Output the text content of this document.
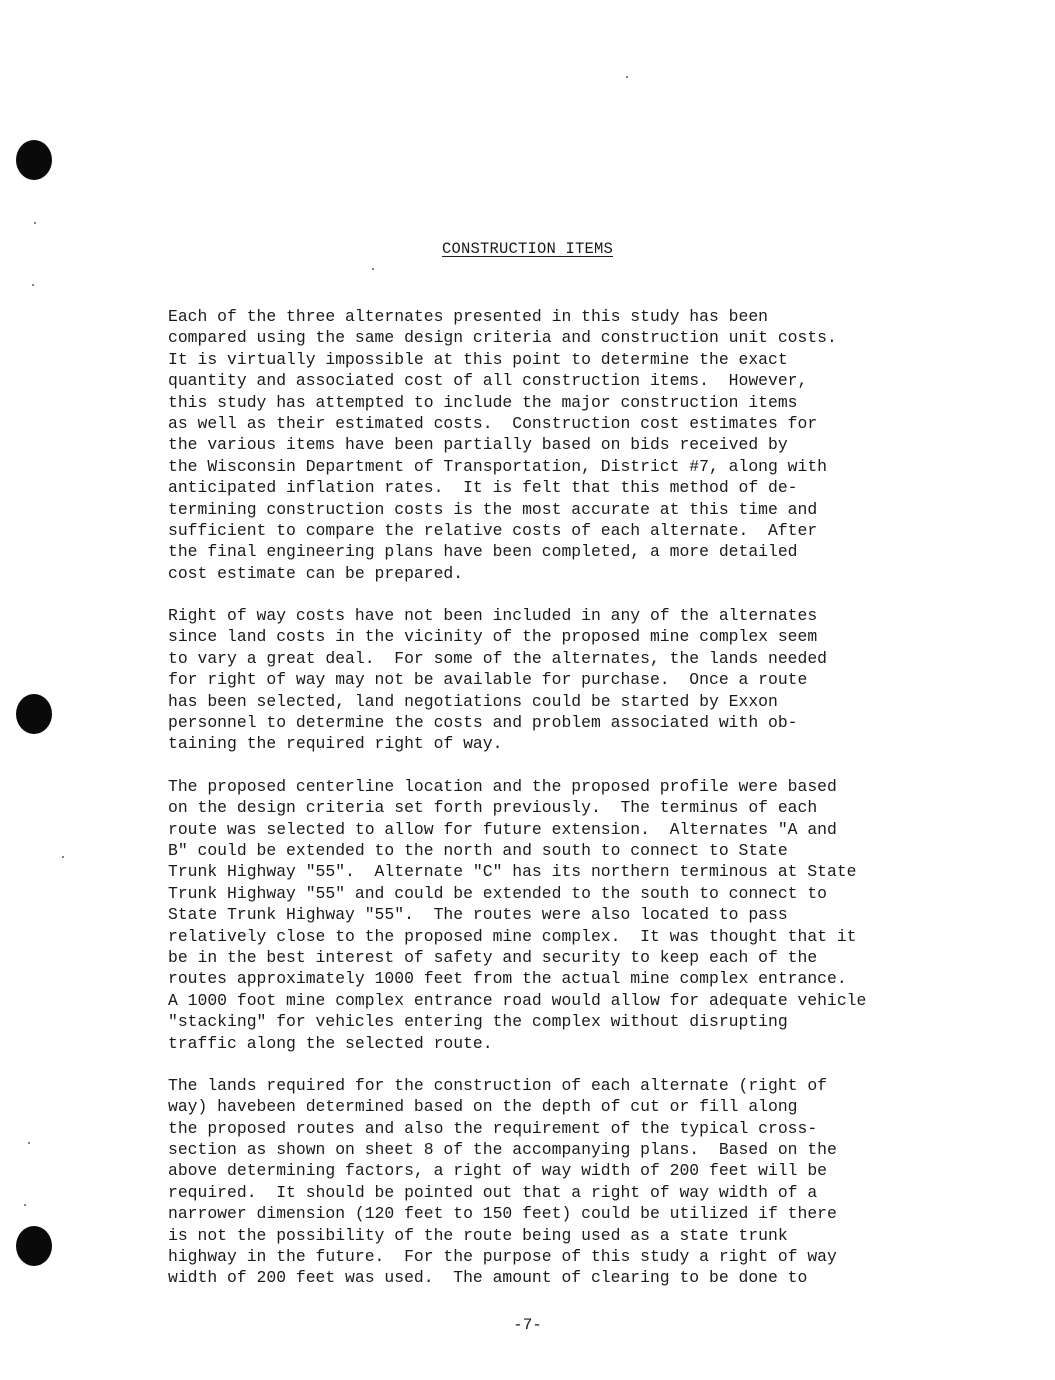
CONSTRUCTION ITEMS
Each of the three alternates presented in this study has been
compared using the same design criteria and construction unit costs.
It is virtually impossible at this point to determine the exact
quantity and associated cost of all construction items.  However,
this study has attempted to include the major construction items
as well as their estimated costs.  Construction cost estimates for
the various items have been partially based on bids received by
the Wisconsin Department of Transportation, District #7, along with
anticipated inflation rates.  It is felt that this method of de-
termining construction costs is the most accurate at this time and
sufficient to compare the relative costs of each alternate.  After
the final engineering plans have been completed, a more detailed
cost estimate can be prepared.
Right of way costs have not been included in any of the alternates
since land costs in the vicinity of the proposed mine complex seem
to vary a great deal.  For some of the alternates, the lands needed
for right of way may not be available for purchase.  Once a route
has been selected, land negotiations could be started by Exxon
personnel to determine the costs and problem associated with ob-
taining the required right of way.
The proposed centerline location and the proposed profile were based
on the design criteria set forth previously.  The terminus of each
route was selected to allow for future extension.  Alternates "A and
B" could be extended to the north and south to connect to State
Trunk Highway "55".  Alternate "C" has its northern terminous at State
Trunk Highway "55" and could be extended to the south to connect to
State Trunk Highway "55".  The routes were also located to pass
relatively close to the proposed mine complex.  It was thought that it
be in the best interest of safety and security to keep each of the
routes approximately 1000 feet from the actual mine complex entrance.
A 1000 foot mine complex entrance road would allow for adequate vehicle
"stacking" for vehicles entering the complex without disrupting
traffic along the selected route.
The lands required for the construction of each alternate (right of
way) havebeen determined based on the depth of cut or fill along
the proposed routes and also the requirement of the typical cross-
section as shown on sheet 8 of the accompanying plans.  Based on the
above determining factors, a right of way width of 200 feet will be
required.  It should be pointed out that a right of way width of a
narrower dimension (120 feet to 150 feet) could be utilized if there
is not the possibility of the route being used as a state trunk
highway in the future.  For the purpose of this study a right of way
width of 200 feet was used.  The amount of clearing to be done to
-7-
